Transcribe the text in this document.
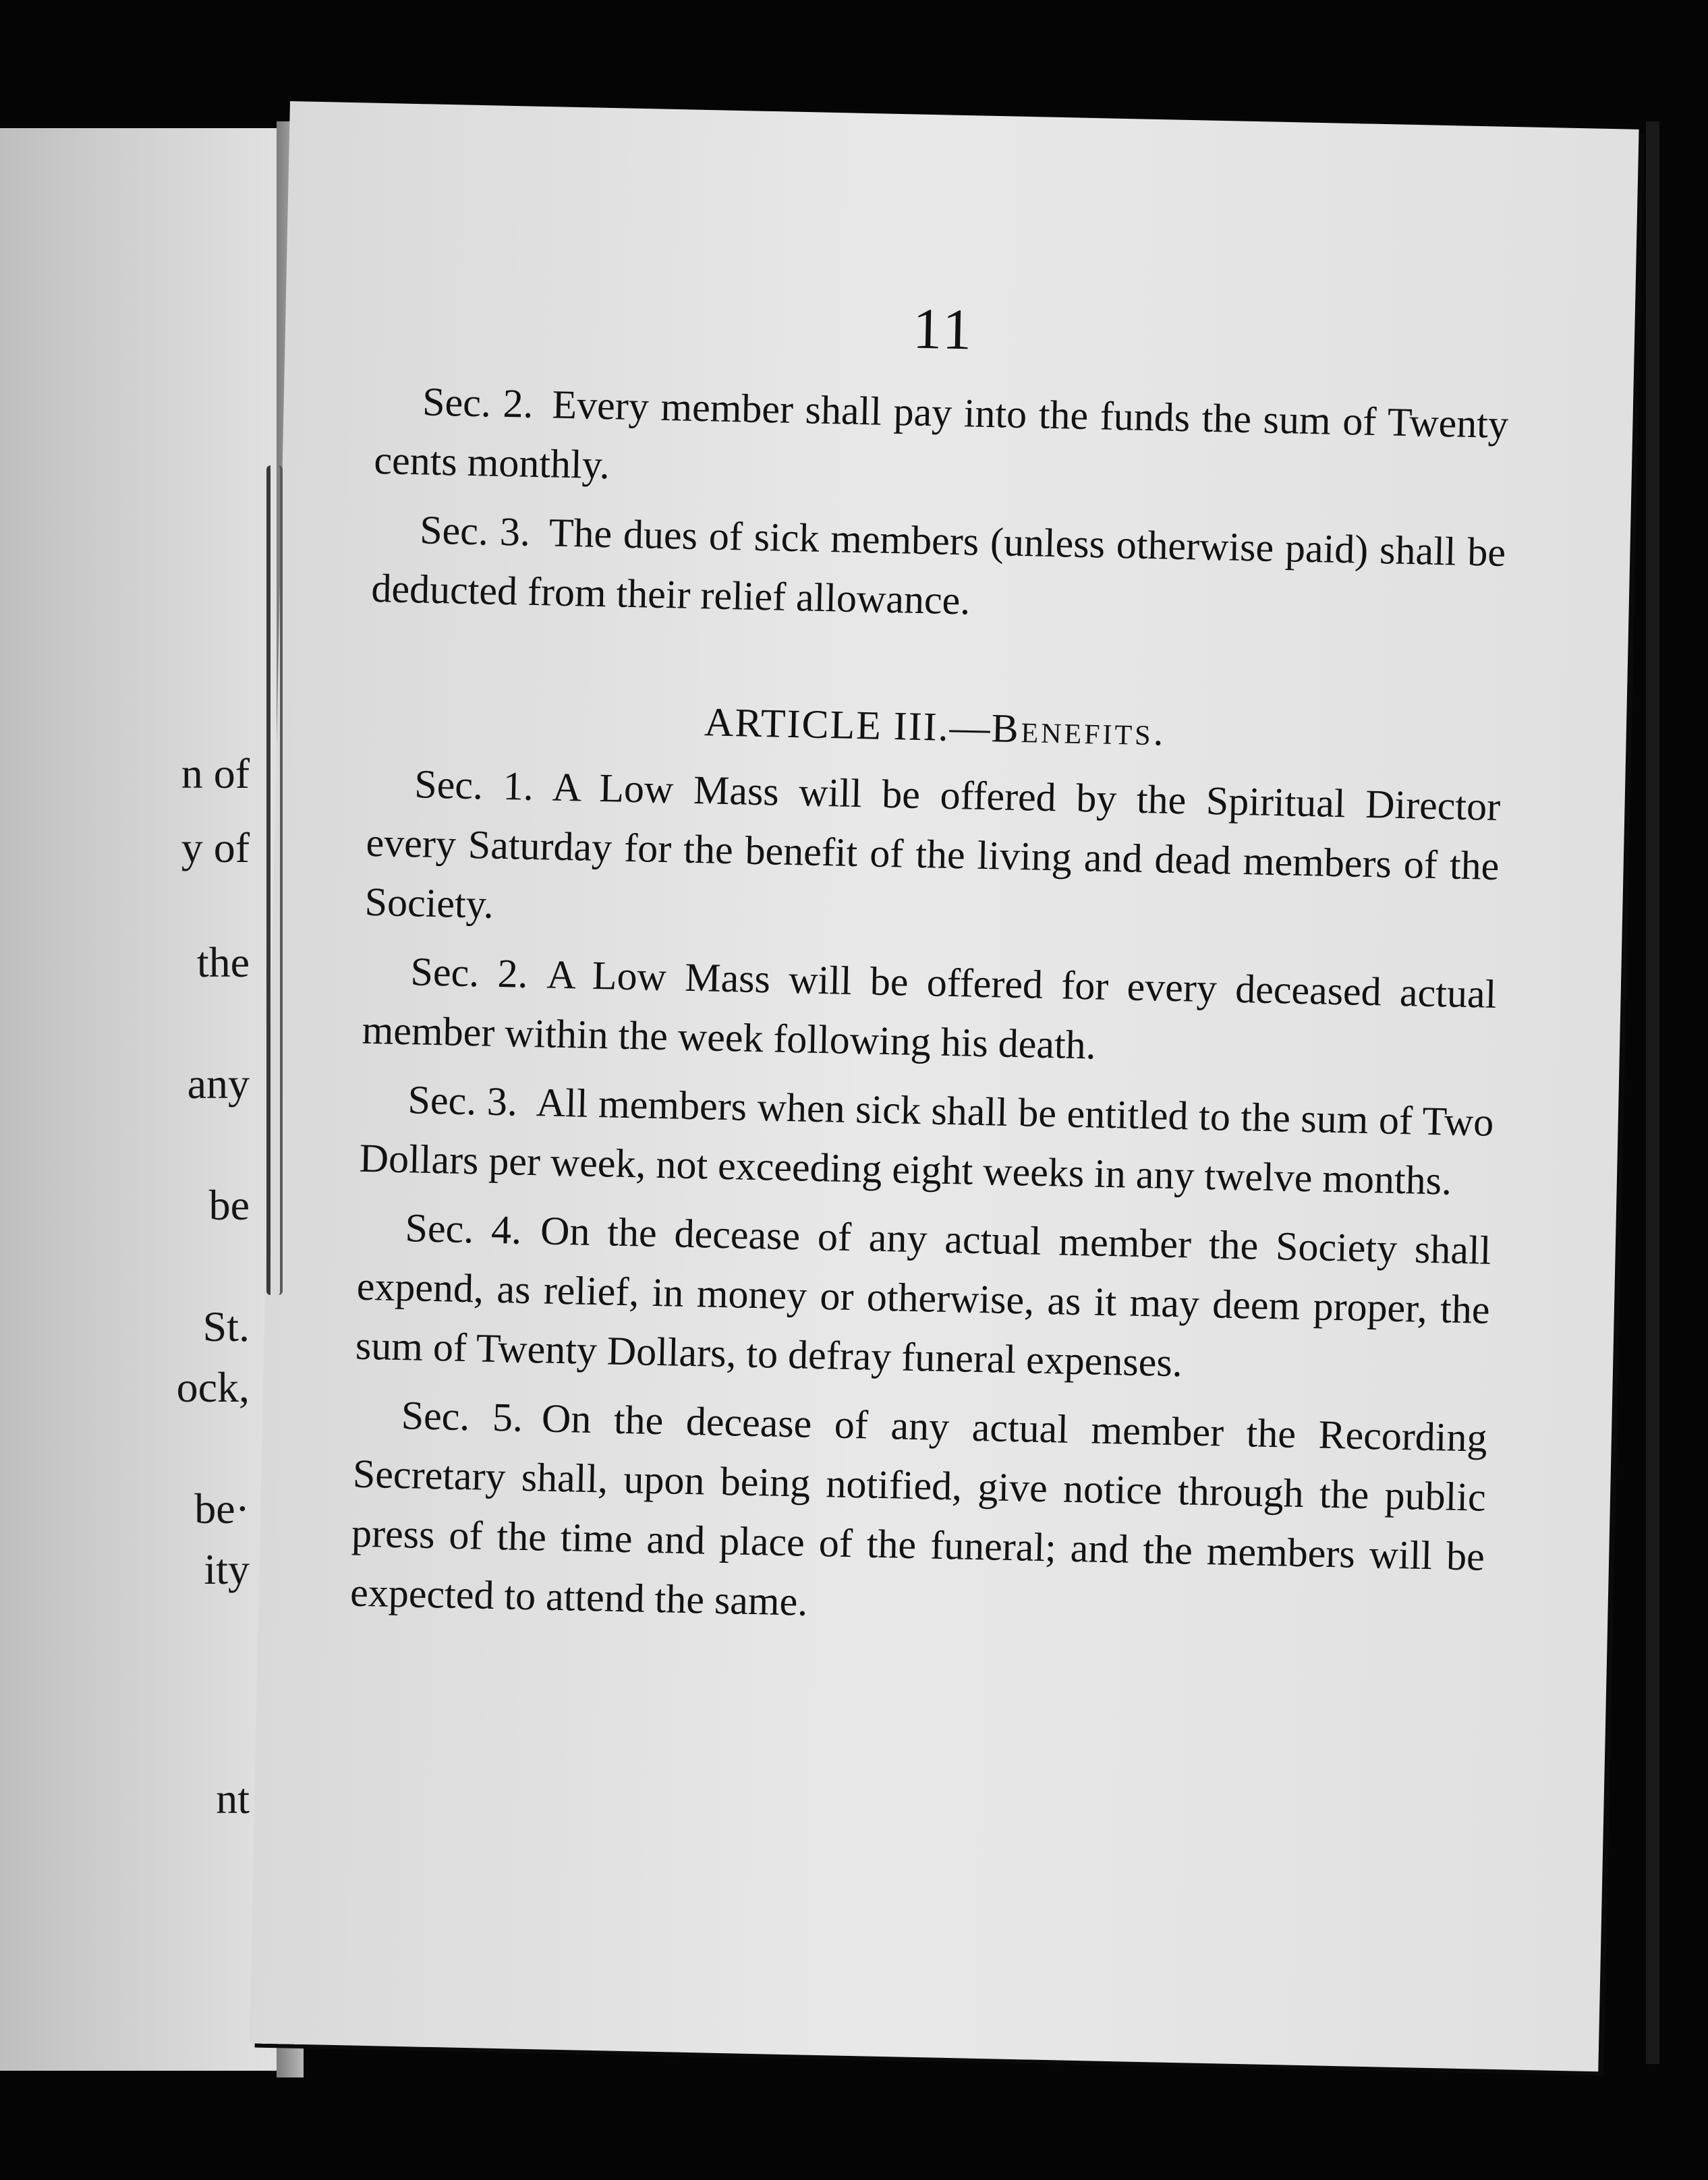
n of
y of
the
any
be
St.
ock,
be·
ity
nt
11

Sec. 2. Every member shall pay into the funds the sum of Twenty cents monthly.

Sec. 3. The dues of sick members (unless otherwise paid) shall be deducted from their relief allowance.

ARTICLE III.—Benefits.

Sec. 1. A Low Mass will be offered by the Spiritual Director every Saturday for the benefit of the living and dead members of the Society.

Sec. 2. A Low Mass will be offered for every deceased actual member within the week following his death.

Sec. 3. All members when sick shall be entitled to the sum of Two Dollars per week, not exceeding eight weeks in any twelve months.

Sec. 4. On the decease of any actual member the Society shall expend, as relief, in money or otherwise, as it may deem proper, the sum of Twenty Dollars, to defray funeral expenses.

Sec. 5. On the decease of any actual member the Recording Secretary shall, upon being notified, give notice through the public press of the time and place of the funeral; and the members will be expected to attend the same.
